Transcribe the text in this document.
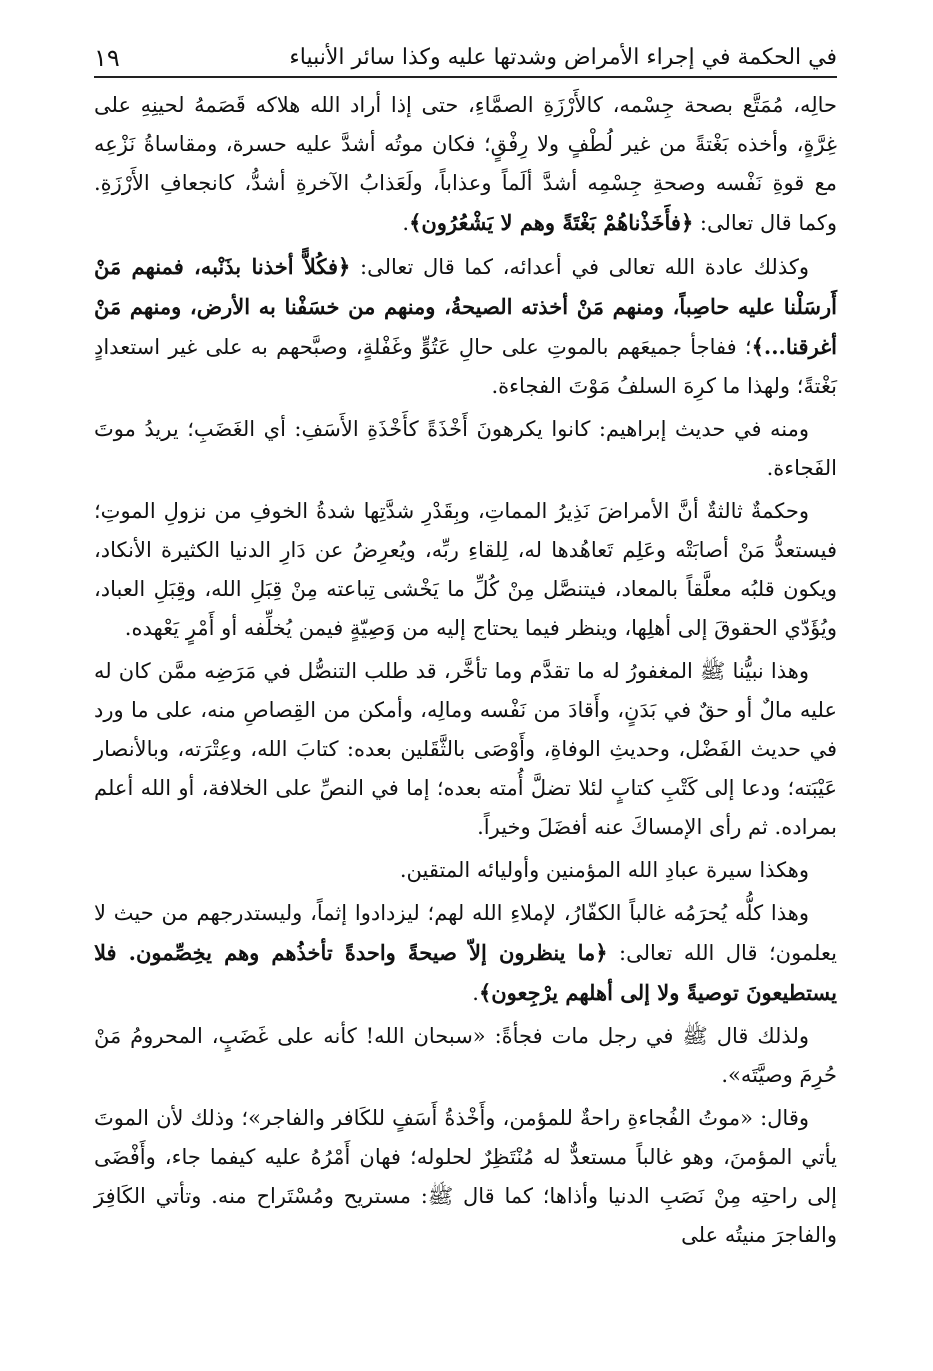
في الحكمة في إجراء الأمراض وشدتها عليه وكذا سائر الأنبياء
١٩

حالِه، مُمَتَّع بصحة جِسْمه، كالأَرْزَةِ الصمَّاءِ، حتى إذا أراد الله هلاكه قَصَمهُ لحينِهِ على غِرَّةٍ، وأخذه بَغْتةً من غير لُطْفٍ ولا رِفْقٍ؛ فكان موتُه أشدَّ عليه حسرة، ومقاساةُ نَزْعِه مع قوةِ نَفْسه وصحةِ جِسْمِه أشدَّ ألَماً وعذاباً، ولَعَذابُ الآخرةِ أشدُّ، كانجعافِ الأَرْزَةِ. وكما قال تعالى: ﴿فأَخَذْناهُمْ بَغْتَةً وهم لا يَشْعُرُون﴾.

وكذلك عادة الله تعالى في أعدائه، كما قال تعالى: ﴿فكُلاًّ أخذنا بذَنْبه، فمنهم مَنْ أَرسَلْنا عليه حاصِباً، ومنهم مَنْ أخذته الصيحةُ، ومنهم من خسَفْنا به الأرض، ومنهم مَنْ أغرقنا...﴾؛ ففاجأ جميعَهم بالموتِ على حالِ عَتُوٍّ وغَفْلةٍ، وصبَّحهم به على غير استعدادٍ بَغْتةً؛ ولهذا ما كرِهَ السلفُ مَوْتَ الفجاءة.

ومنه في حديث إبراهيم: كانوا يكرهونَ أَخْذَةً كأَخْذَةِ الأَسَفِ: أي الغَضَبِ؛ يريدُ موتَ الفَجاءة.

وحكمةٌ ثالثةٌ أنَّ الأمراضَ نَذِيرُ المماتِ، وبِقَدْرِ شدَّتِها شدةُ الخوفِ من نزولِ الموتِ؛ فيستعدُّ مَنْ أصابَتْه وعَلِم تَعاهُدها له، لِلقاءِ ربِّه، ويُعرِضُ عن دَارِ الدنيا الكثيرة الأنكاد، ويكون قلبُه معلَّقاً بالمعاد، فيتنصَّل مِنْ كُلِّ ما يَخْشى تِباعته مِنْ قِبَلِ الله، وقِبَلِ العباد، ويُؤَدّي الحقوقَ إلى أهلِها، وينظر فيما يحتاج إليه من وَصِيّةٍ فيمن يُخلِّفه أو أَمْرٍ يَعْهده.

وهذا نبيُّنا ﷺ المغفورُ له ما تقدَّم وما تأخَّر، قد طلب التنصُّل في مَرَضِه ممَّن كان له عليه مالٌ أو حقٌ في بَدَنٍ، وأَقادَ من نَفْسه ومالِه، وأمكن من القِصاصِ منه، على ما ورد في حديث الفَضْل، وحديثِ الوفاةِ، وأَوْصَى بالثَّقَلين بعده: كتابَ الله، وعِتْرَته، وبالأنصار عَيْبَته؛ ودعا إلى كَتْبِ كتابٍ لئلا تضلَّ أُمته بعده؛ إما في النصِّ على الخلافة، أو الله أعلم بمراده. ثم رأى الإمساكَ عنه أفضَلَ وخيراً.

وهكذا سيرة عبادِ الله المؤمنين وأوليائه المتقين.

وهذا كلُّه يُحرَمُه غالباً الكفّارُ، لإملاءِ الله لهم؛ ليزدادوا إثماً، وليستدرجهم من حيث لا يعلمون؛ قال الله تعالى: ﴿ما ينظرون إلاّ صيحةً واحدةً تأخذُهم وهم يخِصِّمون. فلا يستطيعونَ توصيةً ولا إلى أهلهم يرْجِعون﴾.

ولذلك قال ﷺ في رجل مات فجأةً: «سبحان الله! كأنه على غَضَبٍ، المحرومُ مَنْ حُرِمَ وصيَّتَه».

وقال: «موتُ الفُجاءةِ راحةٌ للمؤمن، وأَخْذةُ أَسَفٍ للكَافر والفاجر»؛ وذلك لأن الموتَ يأتي المؤمنَ، وهو غالباً مستعدٌّ له مُنْتَظِرٌ لحلوله؛ فهان أَمْرُهُ عليه كيفما جاء، وأَفْضَى إلى راحتِه مِنْ نَصَبِ الدنيا وأذاها؛ كما قال ﷺ: مستريح ومُسْتَراح منه. وتأتي الكَافِرَ والفاجرَ منيتُه على
